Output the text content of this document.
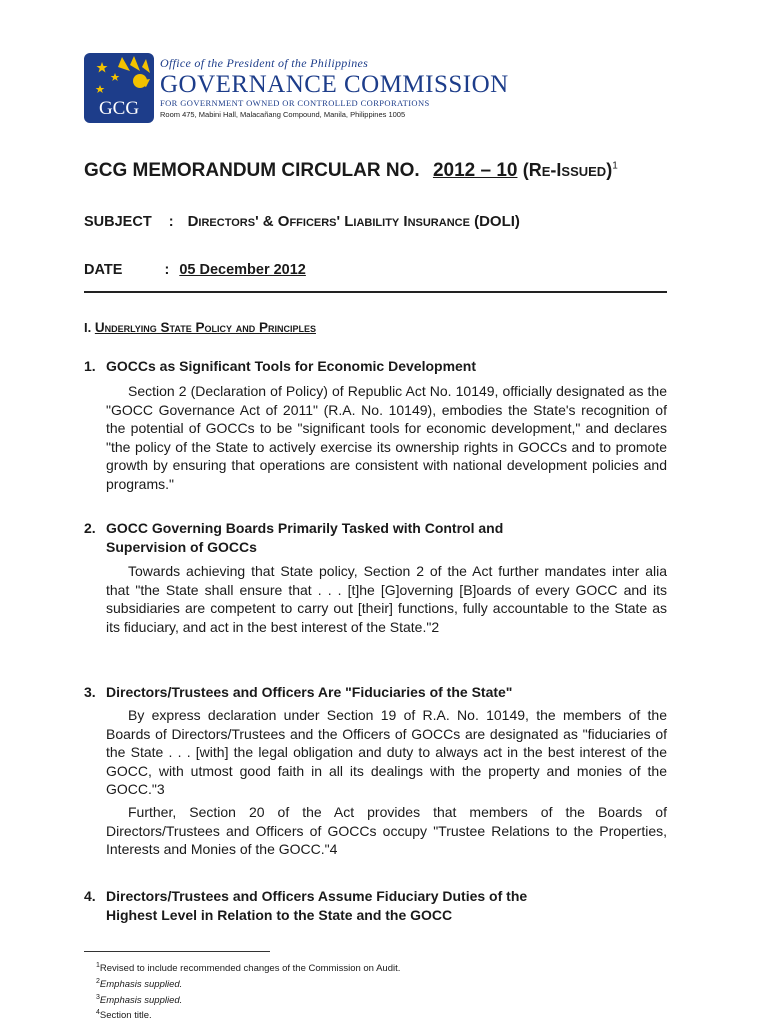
GCG
Office of the President of the Philippines
GOVERNANCE COMMISSION
FOR GOVERNMENT OWNED OR CONTROLLED CORPORATIONS
Room 475, Mabini Hall, Malacañang Compound, Manila, Philippines 1005
GCG MEMORANDUM CIRCULAR NO. 2012 – 10 (Re-Issued)$^1$
SUBJECT : Directors' & Officers' Liability Insurance (DOLI)
DATE	: 05 December 2012
I. Underlying State Policy and Principles
1. GOCCs as Significant Tools for Economic Development

Section 2 (Declaration of Policy) of Republic Act No. 10149, officially designated as the "GOCC Governance Act of 2011" (R.A. No. 10149), embodies the State's recognition of the potential of GOCCs to be "significant tools for economic development," and declares "the policy of the State to actively exercise its ownership rights in GOCCs and to promote growth by ensuring that operations are consistent with national development policies and programs."

2. GOCC Governing Boards Primarily Tasked with Control and
Supervision of GOCCs

Towards achieving that State policy, Section 2 of the Act further mandates inter alia that "the State shall ensure that . . . [t]he [G]overning [B]oards of every GOCC and its subsidiaries are competent to carry out [their] functions, fully accountable to the State as its fiduciary, and act in the best interest of the State."2

3. Directors/Trustees and Officers Are "Fiduciaries of the State"

By express declaration under Section 19 of R.A. No. 10149, the members of the Boards of Directors/Trustees and the Officers of GOCCs are designated as "fiduciaries of the State . . . [with] the legal obligation and duty to always act in the best interest of the GOCC, with utmost good faith in all its dealings with the property and monies of the GOCC."3

Further, Section 20 of the Act provides that members of the Boards of Directors/Trustees and Officers of GOCCs occupy "Trustee Relations to the Properties, Interests and Monies of the GOCC."4

4. Directors/Trustees and Officers Assume Fiduciary Duties of the
Highest Level in Relation to the State and the GOCC
$^1$Revised to include recommended changes of the Commission on Audit.
$^2$Emphasis supplied.
$^3$Emphasis supplied.
$^4$Section title.
